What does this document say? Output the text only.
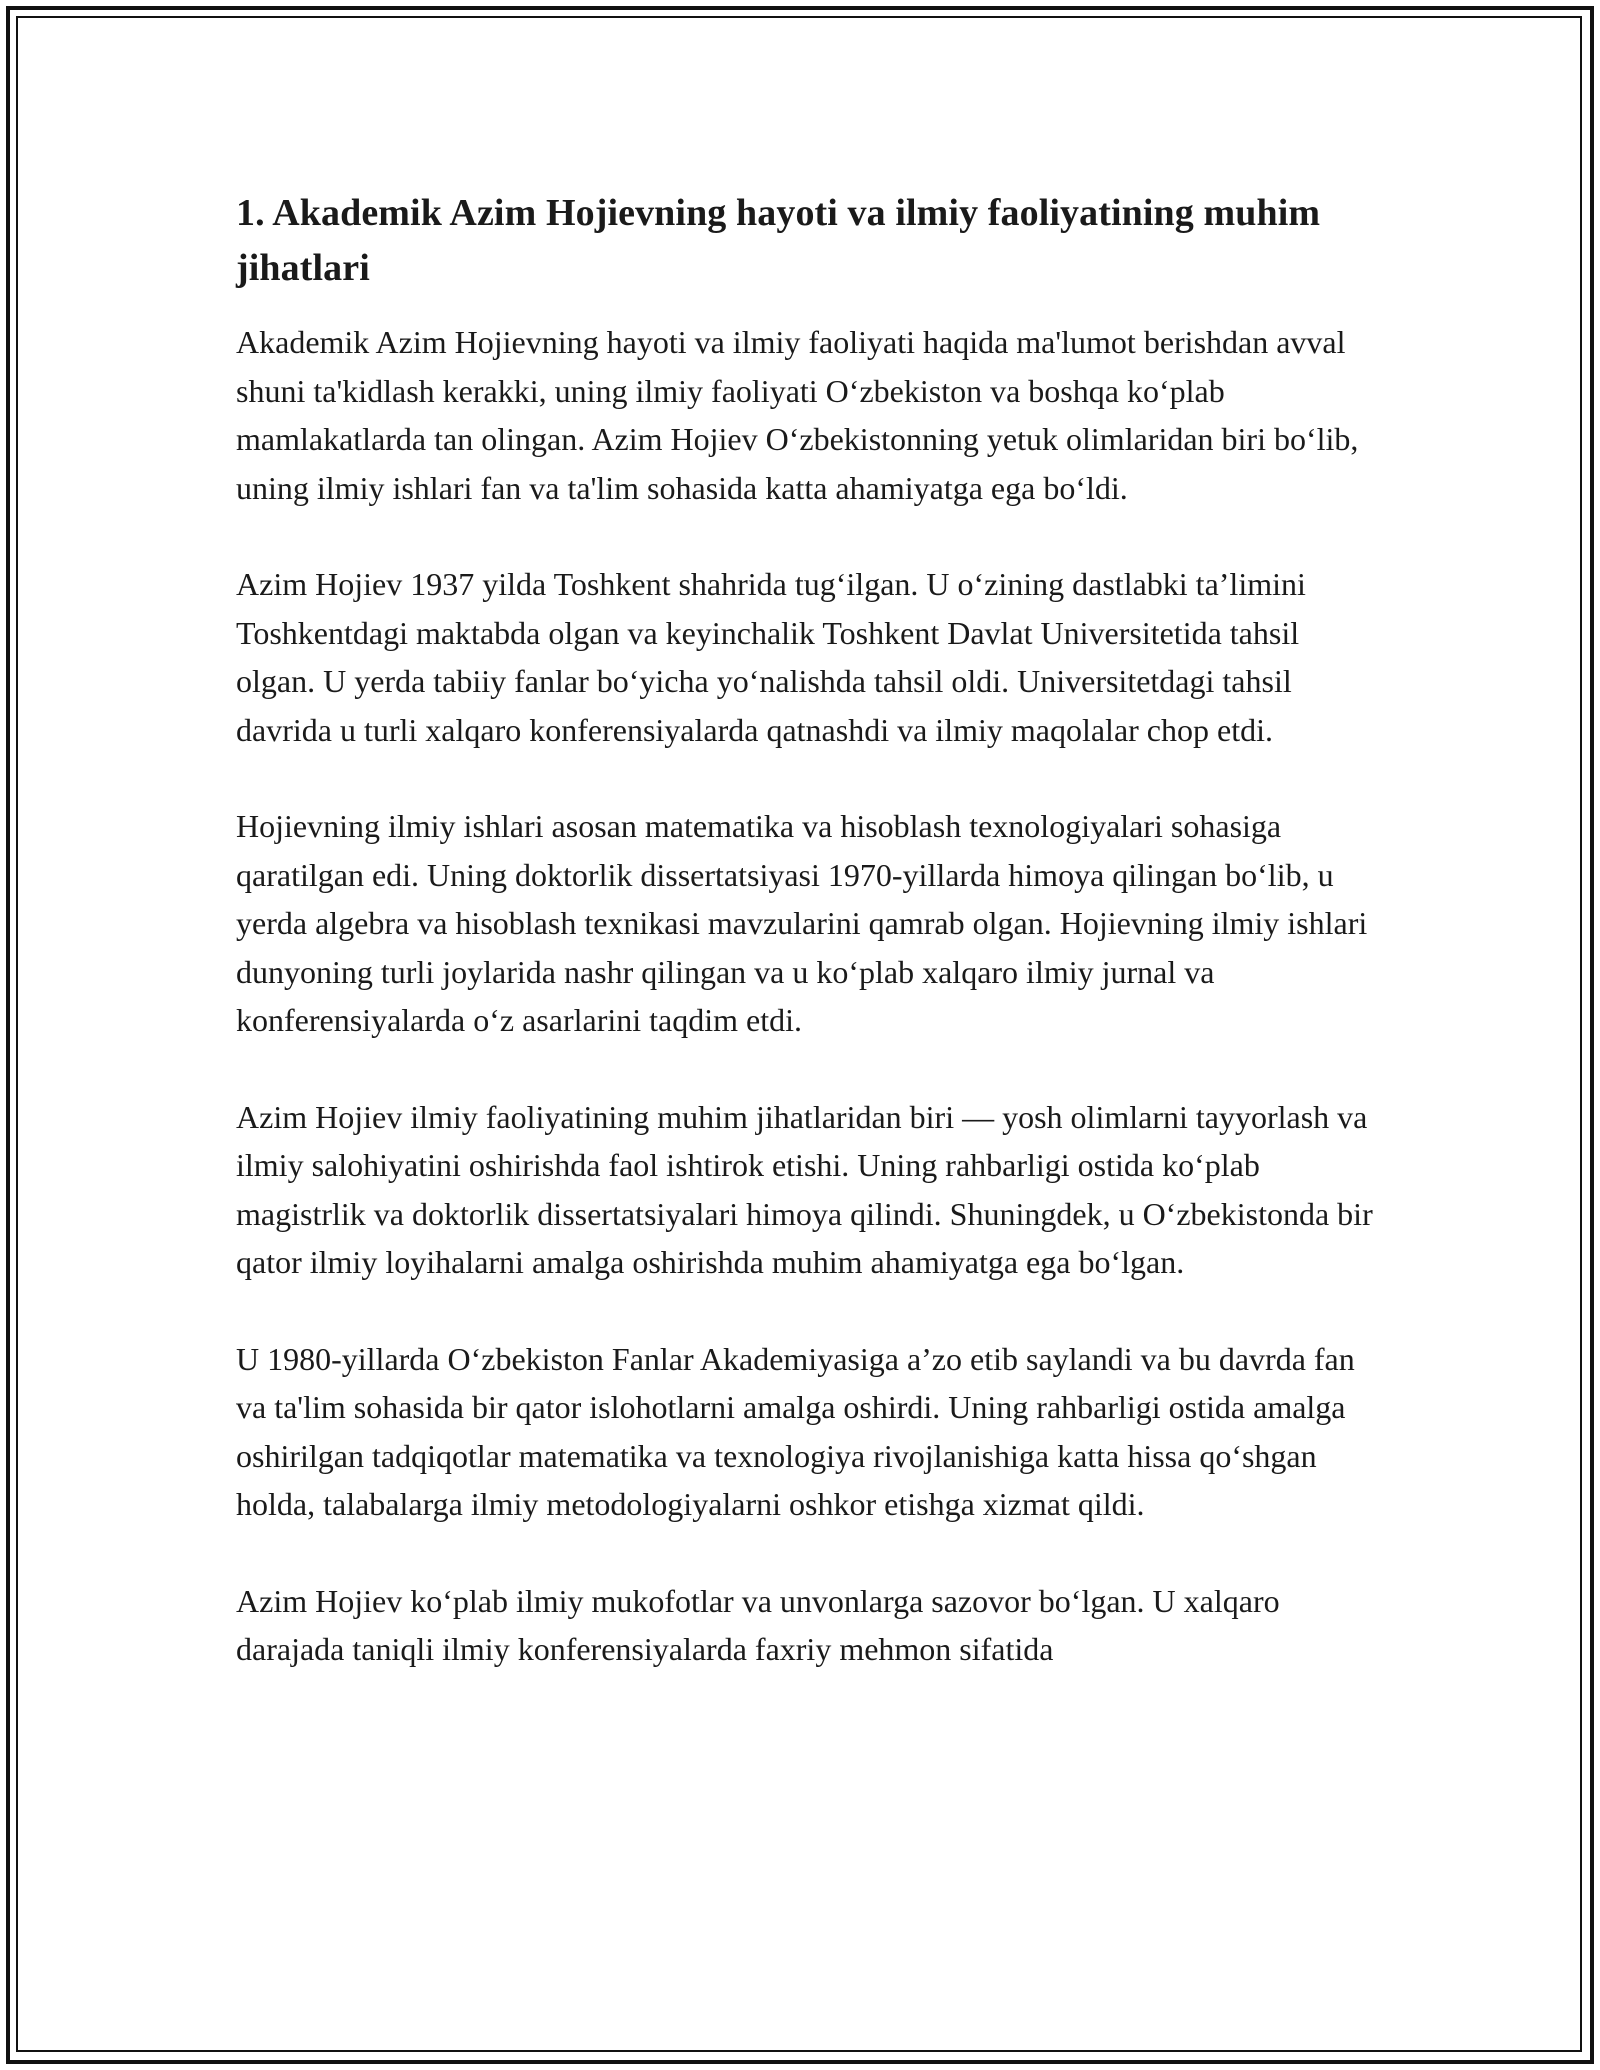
1. Akademik Azim Hojievning hayoti va ilmiy faoliyatining muhim jihatlari

Akademik Azim Hojievning hayoti va ilmiy faoliyati haqida ma'lumot berishdan avval shuni ta'kidlash kerakki, uning ilmiy faoliyati O‘zbekiston va boshqa ko‘plab mamlakatlarda tan olingan. Azim Hojiev O‘zbekistonning yetuk olimlaridan biri bo‘lib, uning ilmiy ishlari fan va ta'lim sohasida katta ahamiyatga ega bo‘ldi.

Azim Hojiev 1937 yilda Toshkent shahrida tug‘ilgan. U o‘zining dastlabki ta’limini Toshkentdagi maktabda olgan va keyinchalik Toshkent Davlat Universitetida tahsil olgan. U yerda tabiiy fanlar bo‘yicha yo‘nalishda tahsil oldi. Universitetdagi tahsil davrida u turli xalqaro konferensiyalarda qatnashdi va ilmiy maqolalar chop etdi.

Hojievning ilmiy ishlari asosan matematika va hisoblash texnologiyalari sohasiga qaratilgan edi. Uning doktorlik dissertatsiyasi 1970-yillarda himoya qilingan bo‘lib, u yerda algebra va hisoblash texnikasi mavzularini qamrab olgan. Hojievning ilmiy ishlari dunyoning turli joylarida nashr qilingan va u ko‘plab xalqaro ilmiy jurnal va konferensiyalarda o‘z asarlarini taqdim etdi.

Azim Hojiev ilmiy faoliyatining muhim jihatlaridan biri — yosh olimlarni tayyorlash va ilmiy salohiyatini oshirishda faol ishtirok etishi. Uning rahbarligi ostida ko‘plab magistrlik va doktorlik dissertatsiyalari himoya qilindi. Shuningdek, u O‘zbekistonda bir qator ilmiy loyihalarni amalga oshirishda muhim ahamiyatga ega bo‘lgan.

U 1980-yillarda O‘zbekiston Fanlar Akademiyasiga a’zo etib saylandi va bu davrda fan va ta'lim sohasida bir qator islohotlarni amalga oshirdi. Uning rahbarligi ostida amalga oshirilgan tadqiqotlar matematika va texnologiya rivojlanishiga katta hissa qo‘shgan holda, talabalarga ilmiy metodologiyalarni oshkor etishga xizmat qildi.

Azim Hojiev ko‘plab ilmiy mukofotlar va unvonlarga sazovor bo‘lgan. U xalqaro darajada taniqli ilmiy konferensiyalarda faxriy mehmon sifatida
